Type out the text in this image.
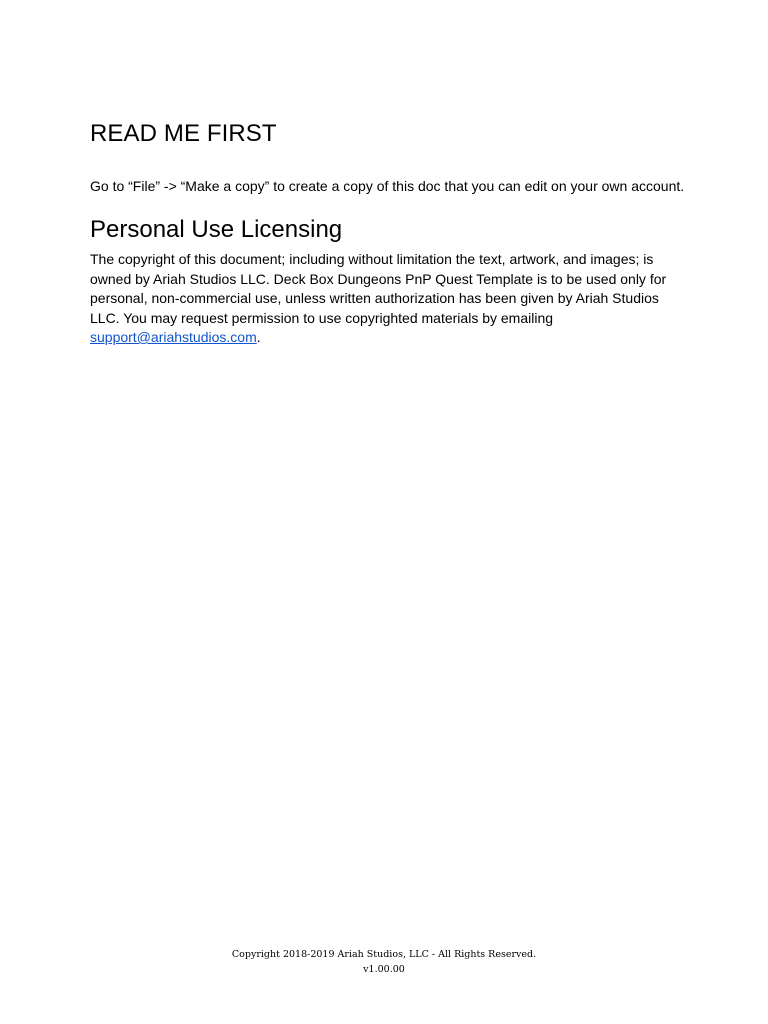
READ ME FIRST

Go to “File” -> “Make a copy” to create a copy of this doc that you can edit on your own account.

Personal Use Licensing

The copyright of this document; including without limitation the text, artwork, and images; is owned by Ariah Studios LLC. Deck Box Dungeons PnP Quest Template is to be used only for personal, non-commercial use, unless written authorization has been given by Ariah Studios LLC. You may request permission to use copyrighted materials by emailing support@ariahstudios.com.

Copyright 2018-2019 Ariah Studios, LLC - All Rights Reserved.
v1.00.00
